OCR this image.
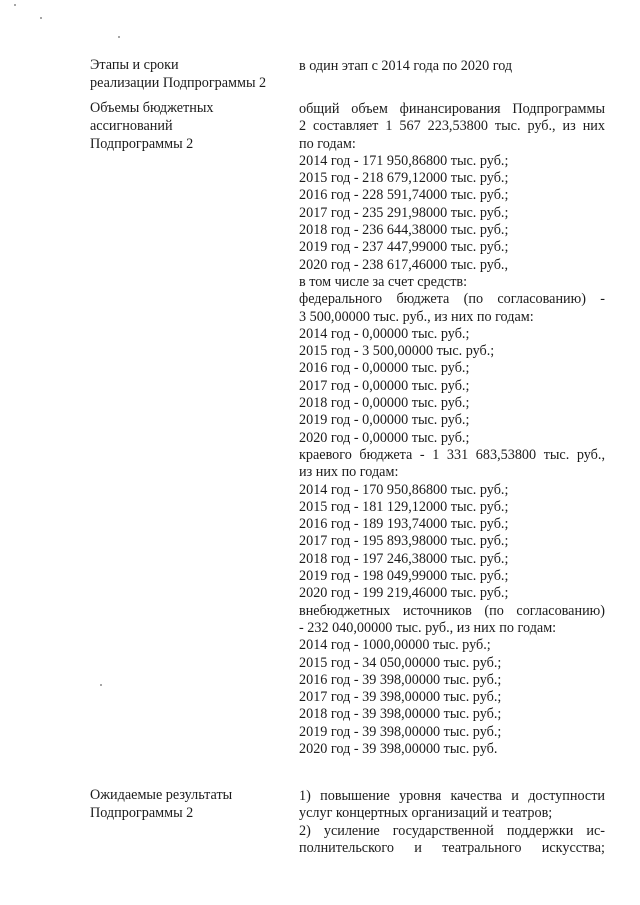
Этапы и сроки
реализации Подпрограммы 2
в один этап с 2014 года по 2020 год
Объемы бюджетных
ассигнований
Подпрограммы 2
общий объем финансирования Подпрограммы
2 составляет 1 567 223,53800 тыс. руб., из них
по годам:
2014 год - 171 950,86800 тыс. руб.;
2015 год - 218 679,12000 тыс. руб.;
2016 год - 228 591,74000 тыс. руб.;
2017 год - 235 291,98000 тыс. руб.;
2018 год - 236 644,38000 тыс. руб.;
2019 год - 237 447,99000 тыс. руб.;
2020 год - 238 617,46000 тыс. руб.,
в том числе за счет средств:
федерального бюджета (по согласованию) -
3 500,00000 тыс. руб., из них по годам:
2014 год - 0,00000 тыс. руб.;
2015 год - 3 500,00000 тыс. руб.;
2016 год - 0,00000 тыс. руб.;
2017 год - 0,00000 тыс. руб.;
2018 год - 0,00000 тыс. руб.;
2019 год - 0,00000 тыс. руб.;
2020 год - 0,00000 тыс. руб.;
краевого бюджета - 1 331 683,53800 тыс. руб.,
из них по годам:
2014 год - 170 950,86800 тыс. руб.;
2015 год - 181 129,12000 тыс. руб.;
2016 год - 189 193,74000 тыс. руб.;
2017 год - 195 893,98000 тыс. руб.;
2018 год - 197 246,38000 тыс. руб.;
2019 год - 198 049,99000 тыс. руб.;
2020 год - 199 219,46000 тыс. руб.;
внебюджетных источников (по согласованию)
- 232 040,00000 тыс. руб., из них по годам:
2014 год - 1000,00000 тыс. руб.;
2015 год - 34 050,00000 тыс. руб.;
2016 год - 39 398,00000 тыс. руб.;
2017 год - 39 398,00000 тыс. руб.;
2018 год - 39 398,00000 тыс. руб.;
2019 год - 39 398,00000 тыс. руб.;
2020 год - 39 398,00000 тыс. руб.
Ожидаемые результаты
Подпрограммы 2
1) повышение уровня качества и доступности
услуг концертных организаций и театров;
2) усиление государственной поддержки ис-
полнительского и театрального искусства;
